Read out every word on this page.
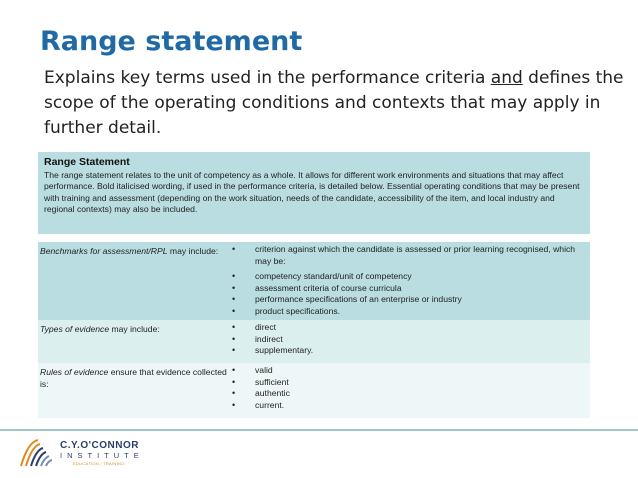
Range statement
Explains key terms used in the performance criteria and defines the scope of the operating conditions and contexts that may apply in further detail.
Range Statement
The range statement relates to the unit of competency as a whole. It allows for different work environments and situations that may affect performance. Bold italicised wording, if used in the performance criteria, is detailed below. Essential operating conditions that may be present with training and assessment (depending on the work situation, needs of the candidate, accessibility of the item, and local industry and regional contexts) may also be included.
Benchmarks for assessment/RPL may include:	• criterion against which the candidate is assessed or prior learning recognised, which may be:
• competency standard/unit of competency
• assessment criteria of course curricula
• performance specifications of an enterprise or industry
• product specifications.
Types of evidence may include:	• direct
• indirect
• supplementary.
Rules of evidence ensure that evidence collected is:
• valid
• sufficient
• authentic
• current.
C.Y.O'CONNOR
INSTITUTE
EDUCATION / TRAINING
